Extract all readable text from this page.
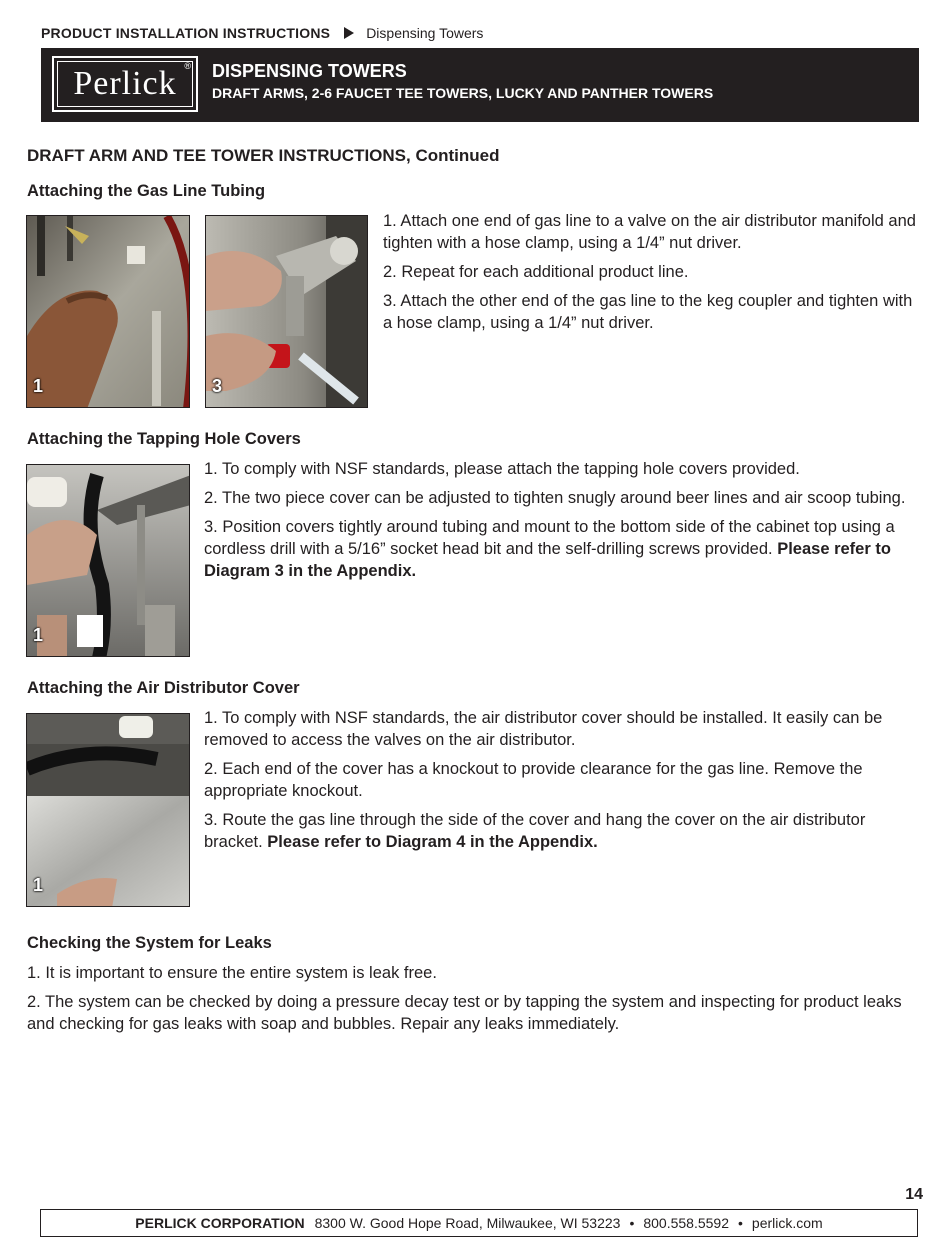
PRODUCT INSTALLATION INSTRUCTIONS	Dispensing Towers
Perlick ® DISPENSING TOWERS
DRAFT ARMS, 2-6 FAUCET TEE TOWERS, LUCKY AND PANTHER TOWERS
DRAFT ARM AND TEE TOWER INSTRUCTIONS, Continued
Attaching the Gas Line Tubing
1	3

1. Attach one end of gas line to a valve on the air distributor manifold and tighten with a hose clamp, using a 1/4” nut driver.

2. Repeat for each additional product line.

3. Attach the other end of the gas line to the keg coupler and tighten with a hose clamp, using a 1/4” nut driver.

Attaching the Tapping Hole Covers
1

1. To comply with NSF standards, please attach the tapping hole covers provided.

2. The two piece cover can be adjusted to tighten snugly around beer lines and air scoop tubing.

3. Position covers tightly around tubing and mount to the bottom side of the cabinet top using a cordless drill with a 5/16” socket head bit and the self-drilling screws provided. Please refer to Diagram 3 in the Appendix.

Attaching the Air Distributor Cover
1

1. To comply with NSF standards, the air distributor cover should be installed. It easily can be removed to access the valves on the air distributor.

2. Each end of the cover has a knockout to provide clearance for the gas line. Remove the appropriate knockout.

3. Route the gas line through the side of the cover and hang the cover on the air distributor bracket. Please refer to Diagram 4 in the Appendix.

Checking the System for Leaks

1. It is important to ensure the entire system is leak free.

2. The system can be checked by doing a pressure decay test or by tapping the system and inspecting for product leaks and checking for gas leaks with soap and bubbles. Repair any leaks immediately.

14
PERLICK CORPORATION 8300 W. Good Hope Road, Milwaukee, WI 53223 • 800.558.5592 • perlick.com
